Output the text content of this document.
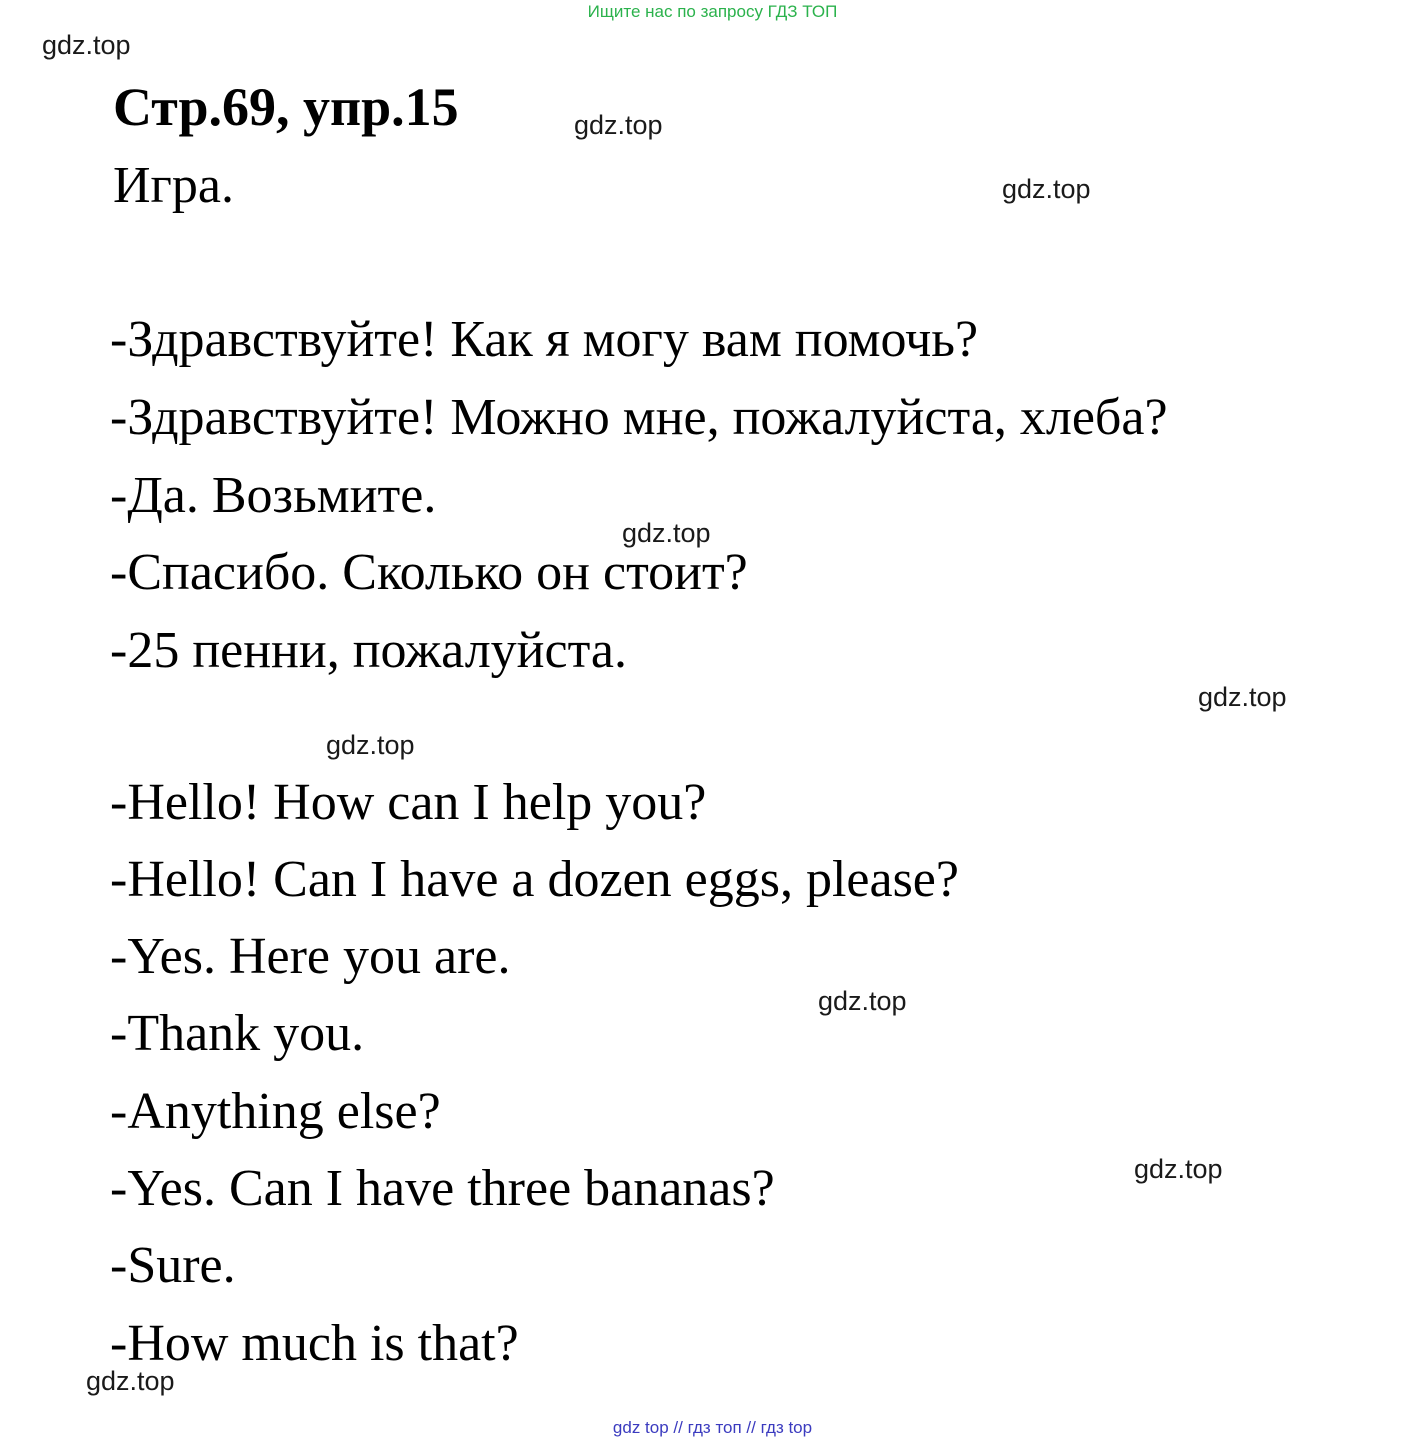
Ищите нас по запросу ГДЗ ТОП
gdz.top
gdz.top
gdz.top
gdz.top
gdz.top
gdz.top
gdz.top
gdz.top
gdz.top
Стр.69, упр.15
Игра.
-Здравствуйте! Как я могу вам помочь?
-Здравствуйте! Можно мне, пожалуйста, хлеба?
-Да. Возьмите.
-Спасибо. Сколько он стоит?
-25 пенни, пожалуйста.
-Hello! How can I help you?
-Hello! Can I have a dozen eggs, please?
-Yes. Here you are.
-Thank you.
-Anything else?
-Yes. Can I have three bananas?
-Sure.
-How much is that?
gdz top // гдз топ // гдз top
